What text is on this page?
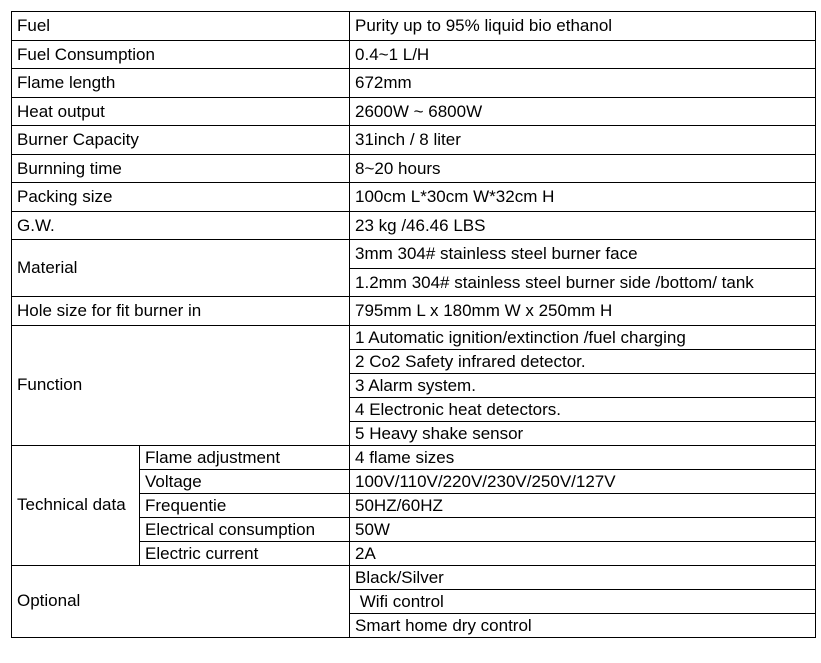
Fuel		Purity up to 95% liquid bio ethanol
Fuel Consumption		0.4~1 L/H
Flame length		672mm
Heat output		2600W ~ 6800W
Burner Capacity		31inch / 8 liter
Burnning time		8~20 hours
Packing size		100cm L*30cm W*32cm H
G.W.		23 kg /46.46 LBS
Material		3mm 304# stainless steel burner face
		1.2mm 304# stainless steel burner side /bottom/ tank
Hole size for fit burner in		795mm L x 180mm W x 250mm H
Function		1 Automatic ignition/extinction /fuel charging
		2 Co2 Safety infrared detector.
		3 Alarm system.
		4 Electronic heat detectors.
		5 Heavy shake sensor
Technical data	Flame adjustment	4 flame sizes
	Voltage	100V/110V/220V/230V/250V/127V
	Frequentie	50HZ/60HZ
	Electrical consumption	50W
	Electric current	2A
Optional		Black/Silver
		Wifi control
		Smart home dry control
